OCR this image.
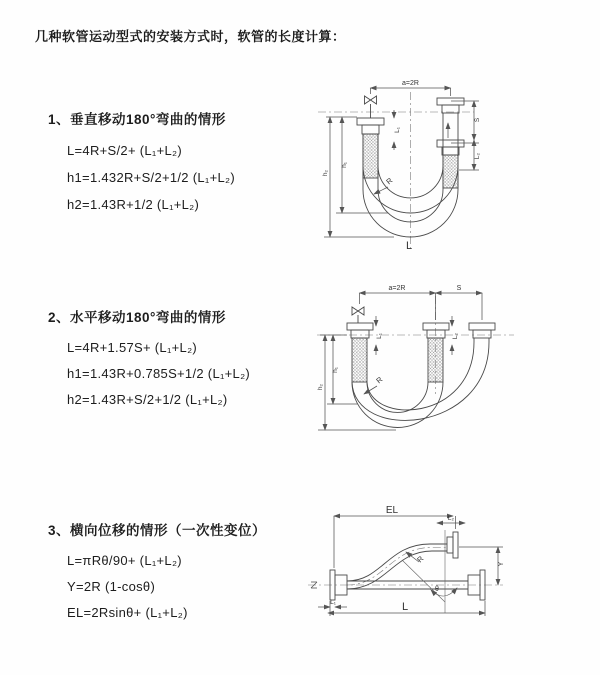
几种软管运动型式的安装方式时，软管的长度计算：
1、垂直移动180°弯曲的情形
L=4R+S/2+ (L₁+L₂)
h1=1.432R+S/2+1/2 (L₁+L₂)
h2=1.43R+1/2 (L₁+L₂)
2、水平移动180°弯曲的情形
L=4R+1.57S+ (L₁+L₂)
h1=1.43R+0.785S+1/2 (L₁+L₂)
h2=1.43R+S/2+1/2 (L₁+L₂)
3、横向位移的情形（一次性变位）
L=πRθ/90+ (L₁+L₂)
Y=2R (1-cosθ)
EL=2Rsinθ+ (L₁+L₂)
a=2R
L₁
S
L₂
h₁
h₂
R
L
a=2R	S
L₁	L₂
h₁
h₂
R
EL
L₂
Y
R
θ
L
L₁
